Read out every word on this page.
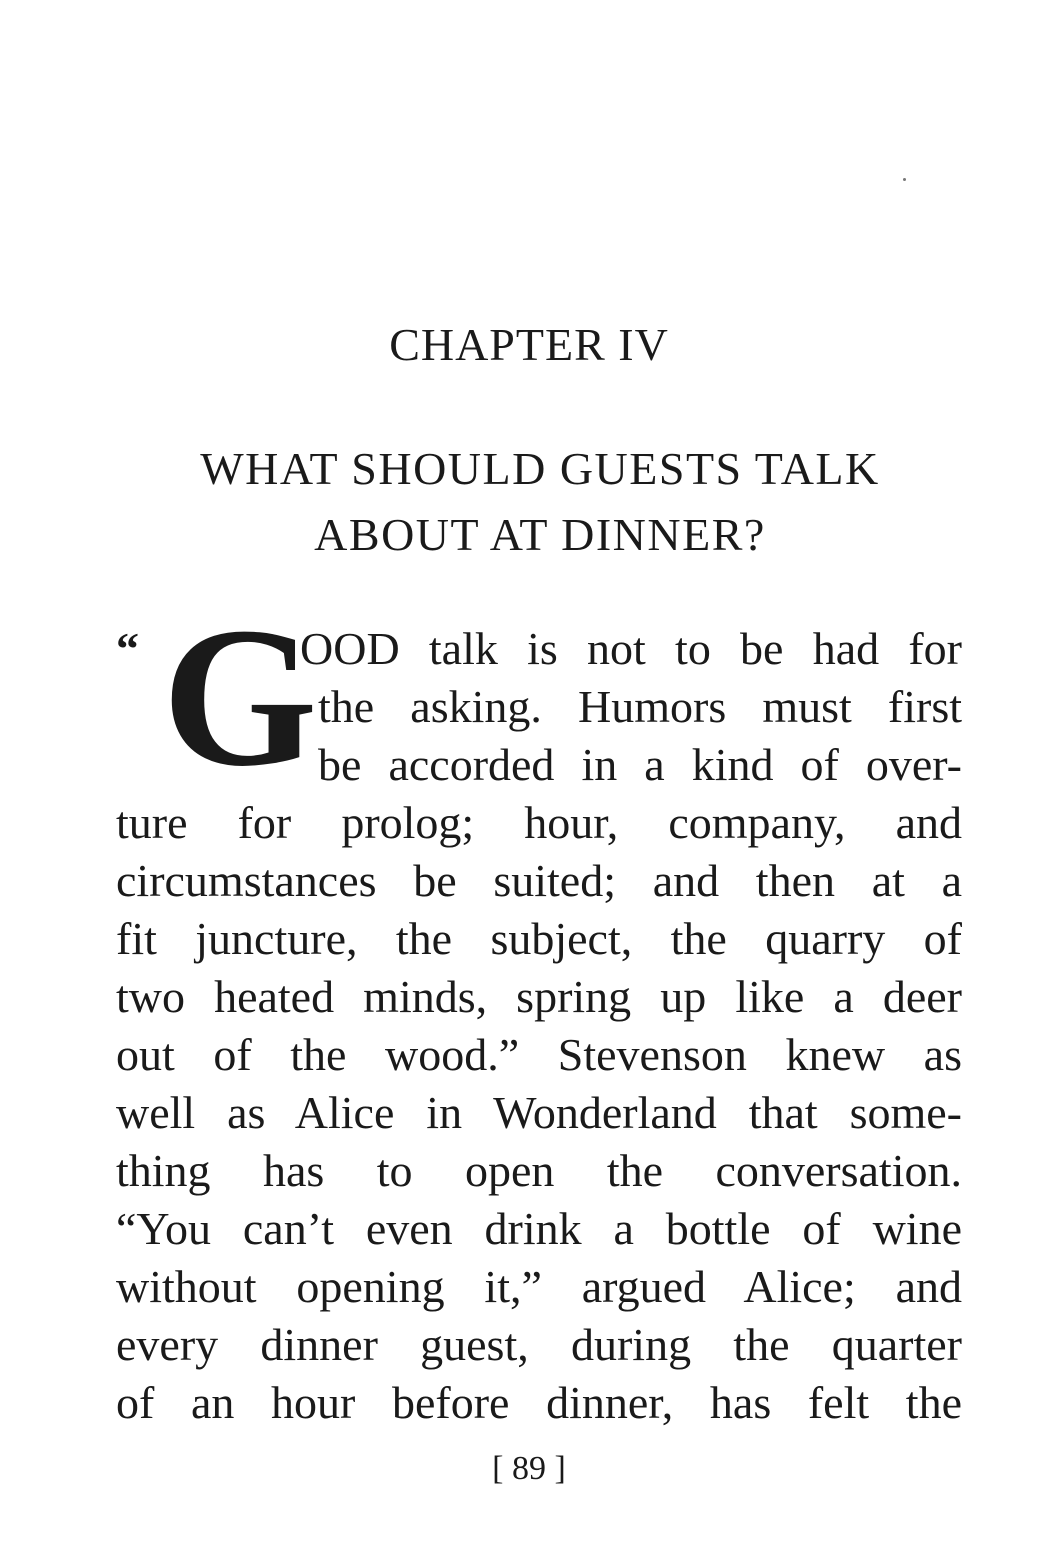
CHAPTER IV
WHAT SHOULD GUESTS TALK
ABOUT AT DINNER?
“ G
OOD talk is not to be had for
the asking. Humors must first
be accorded in a kind of over-
ture for prolog; hour, company, and
circumstances be suited; and then at a
fit juncture, the subject, the quarry of
two heated minds, spring up like a deer
out of the wood.” Stevenson knew as
well as Alice in Wonderland that some-
thing has to open the conversation.
“You can’t even drink a bottle of wine
without opening it,” argued Alice; and
every dinner guest, during the quarter
of an hour before dinner, has felt the
[ 89 ]
